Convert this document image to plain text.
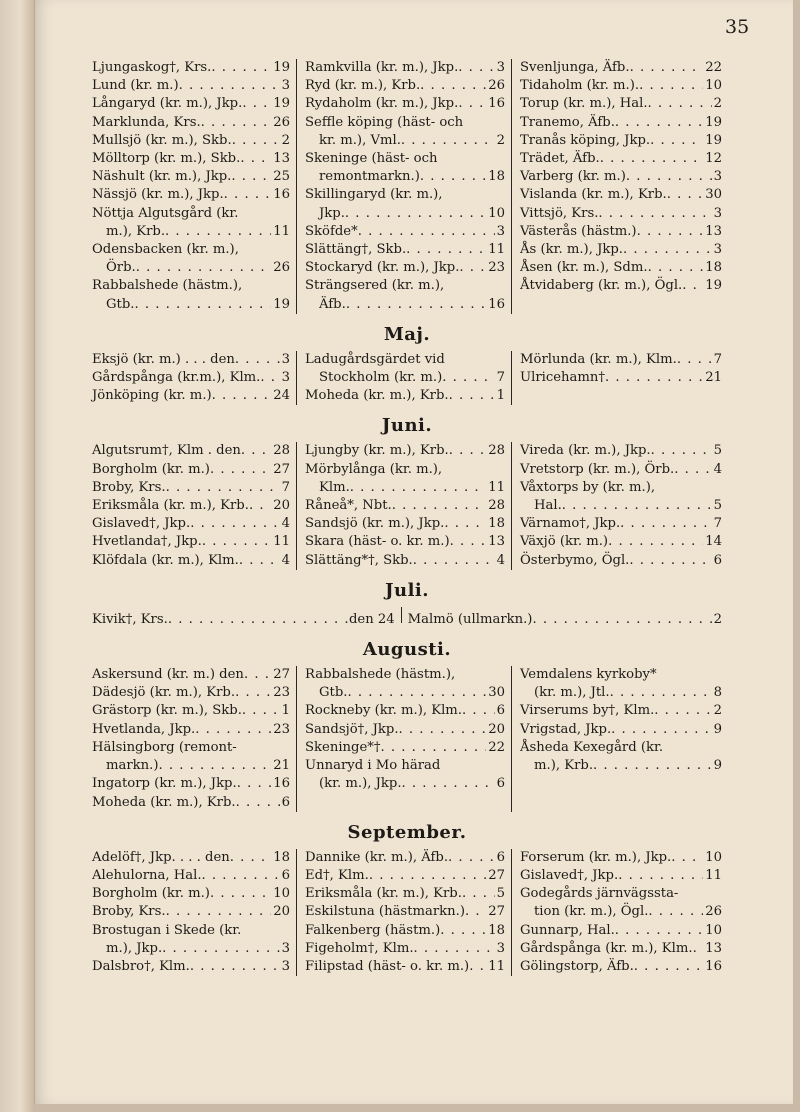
35
Ljungaskog†, Krs. . . .	19
Lund (kr. m.) . . .	3
Långaryd (kr. m.), Jkp. . . . 19
Marklunda, Krs. . . .	26
Mullsjö (kr. m.), Skb. . . .	2
Mölltorp (kr. m.), Skb. . . . 13
Näshult (kr. m.), Jkp. . . .	25
Nässjö (kr. m.), Jkp. . . .	16
Nöttja Algutsgård (kr.
m.), Krb. . . .	11
Odensbacken (kr. m.),
Örb. . . .	26
Rabbalshede (hästm.),
Gtb. . . .	19
Ramkvilla (kr. m.), Jkp. . . .	3
Ryd (kr. m.), Krb. . . .	26
Rydaholm (kr. m.), Jkp. . . . 16
Seffle köping (häst- och
kr. m.), Vml. . . .	2
Skeninge (häst- och
remontmarkn.) . . .	18
Skillingaryd (kr. m.),
Jkp. . . .	10
Sköfde* . . .	3
Slättäng†, Skb. . . .	11
Stockaryd (kr. m.), Jkp. . . . 23
Strängsered (kr. m.),
Äfb. . . .	16
Svenljunga, Äfb. . . .	22
Tidaholm (kr. m.). . . .	10
Torup (kr. m.), Hal. . . .	2
Tranemo, Äfb. . . .	19
Tranås köping, Jkp. . . .	19
Trädet, Äfb. . . .	12
Varberg (kr. m.) . . .	3
Vislanda (kr. m.), Krb. . . .	30
Vittsjö, Krs. . . .	3
Västerås (hästm.) . . .	13
Ås (kr. m.), Jkp. . . .	3
Åsen (kr. m.), Sdm. . . .	18
Åtvidaberg (kr. m.), Ögl. . . . 19
Maj.
Eksjö (kr. m.) . . . den . . .	3
Gårdspånga (kr.m.), Klm. . . . 3
Jönköping (kr. m.) . . .	24
Ladugårdsgärdet vid
Stockholm (kr. m.) . . .	7
Moheda (kr. m.), Krb. . . .	1
Mörlunda (kr. m.), Klm. . . .	7
Ulricehamn† . . .	21
Juni.
Algutsrum†, Klm . den . . . 28
Borgholm (kr. m.) . . .	27
Broby, Krs. . . .	7
Eriksmåla (kr. m.), Krb. . . . 20
Gislaved†, Jkp. . . .	4
Hvetlanda†, Jkp. . . .	11
Klöfdala (kr. m.), Klm. . . .	4
Ljungby (kr. m.), Krb. . . .	28
Mörbylånga (kr. m.),
Klm. . . .	11
Råneå*, Nbt. . . .	28
Sandsjö (kr. m.), Jkp. . . .	18
Skara (häst- o. kr. m.) . . .	13
Slättäng*†, Skb. . . .	4
Vireda (kr. m.), Jkp. . . .	5
Vretstorp (kr. m.), Örb. . . .	4
Våxtorps by (kr. m.),
Hal. . . .	5
Värnamo†, Jkp. . . .	7
Växjö (kr. m.) . . .	14
Österbymo, Ögl. . . .	6
Juli.
Kivik†, Krs. . . .	den 24 Malmö (ullmarkn.) . . .	2
Augusti.
Askersund (kr. m.) den . . . 27
Dädesjö (kr. m.), Krb. . . .	23
Grästorp (kr. m.), Skb. . . .	1
Hvetlanda, Jkp. . . .	23
Hälsingborg (remont-
markn.) . . .	21
Ingatorp (kr. m.), Jkp. . . .	16
Moheda (kr. m.), Krb. . . .	6
Rabbalshede (hästm.),
Gtb. . . .	30
Rockneby (kr. m.), Klm. . . .	6
Sandsjö†, Jkp. . . .	20
Skeninge*† . . .	22
Unnaryd i Mo härad
(kr. m.), Jkp. . . .	6
Vemdalens kyrkoby*
(kr. m.), Jtl. . . .	8
Virserums by†, Klm. . . .	2
Vrigstad, Jkp. . . .	9
Åsheda Kexegård (kr.
m.), Krb. . . .	9
September.
Adelöf†, Jkp. . . . den . . .	18
Alehulorna, Hal. . . .	6
Borgholm (kr. m.) . . .	10
Broby, Krs. . . .	20
Brostugan i Skede (kr.
m.), Jkp. . . .	3
Dalsbro†, Klm. . . .	3
Dannike (kr. m.), Äfb. . . .	6
Ed†, Klm. . . .	27
Eriksmåla (kr. m.), Krb. . . .	5
Eskilstuna (hästmarkn.) . . . 27
Falkenberg (hästm.) . . .	18
Figeholm†, Klm. . . .	3
Filipstad (häst- o. kr. m.) . . . 11
Forserum (kr. m.), Jkp. . . .	10
Gislaved†, Jkp. . . .	11
Godegårds järnvägssta-
tion (kr. m.), Ögl. . . .	26
Gunnarp, Hal. . . .	10
Gårdspånga (kr. m.), Klm. . . . 13
Gölingstorp, Äfb. . . .	16
